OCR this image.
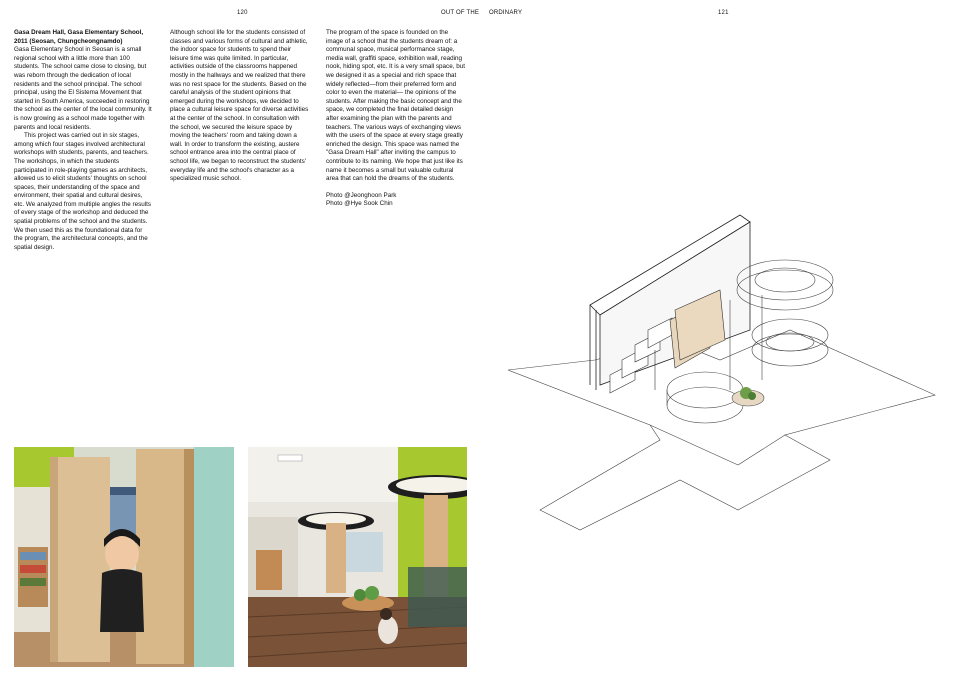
120	OUT OF THE ORDINARY	121
Gasa Dream Hall, Gasa Elementary School, 2011 (Seosan, Chungcheongnamdo)

Gasa Elementary School in Seosan is a small regional school with a little more than 100 students. The school came close to closing, but was reborn through the dedication of local residents and the school principal. The school principal, using the El Sistema Movement that started in South America, succeeded in restoring the school as the center of the local community. It is now growing as a school made together with parents and local residents.

This project was carried out in six stages, among which four stages involved architectural workshops with students, parents, and teachers. The workshops, in which the students participated in role-playing games as architects, allowed us to elicit students' thoughts on school spaces, their understanding of the space and environment, their spatial and cultural desires, etc. We analyzed from multiple angles the results of every stage of the workshop and deduced the spatial problems of the school and the students. We then used this as the foundational data for the program, the architectural concepts, and the spatial design.

Although school life for the students consisted of classes and various forms of cultural and athletic, the indoor space for students to spend their leisure time was quite limited. In particular, activities outside of the classrooms happened mostly in the hallways and we realized that there was no rest space for the students. Based on the careful analysis of the student opinions that emerged during the workshops, we decided to place a cultural leisure space for diverse activities at the center of the school. In consultation with the school, we secured the leisure space by moving the teachers' room and taking down a wall. In order to transform the existing, austere school entrance area into the central place of school life, we began to reconstruct the students' everyday life and the school's character as a specialized music school.

The program of the space is founded on the image of a school that the students dream of: a communal space, musical performance stage, media wall, graffiti space, exhibition wall, reading nook, hiding spot, etc. It is a very small space, but we designed it as a special and rich space that widely reflected—from their preferred form and color to even the material— the opinions of the students. After making the basic concept and the space, we completed the final detailed design after examining the plan with the parents and teachers. The various ways of exchanging views with the users of the space at every stage greatly enriched the design. This space was named the "Gasa Dream Hall" after inviting the campus to contribute to its naming. We hope that just like its name it becomes a small but valuable cultural area that can hold the dreams of the students.

Photo @Jeonghoon Park

Photo @Hye Sook Chin
